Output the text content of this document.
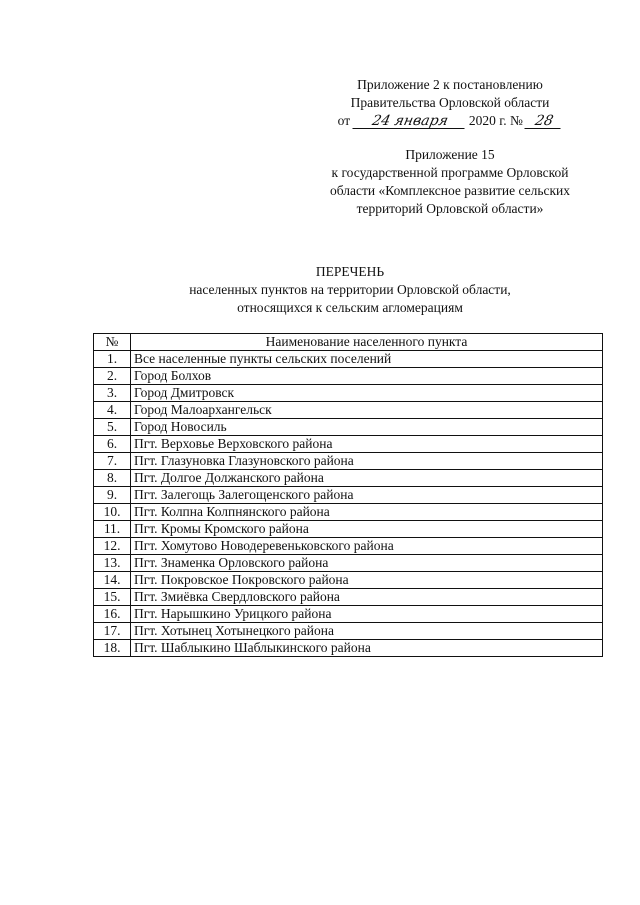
Приложение 2 к постановлению
Правительства Орловской области
от 24 января 2020 г. № 28
Приложение 15
к государственной программе Орловской
области «Комплексное развитие сельских
территорий Орловской области»
ПЕРЕЧЕНЬ
населенных пунктов на территории Орловской области,
относящихся к сельским агломерациям
№	Наименование населенного пункта
1.	Все населенные пункты сельских поселений
2.	Город Болхов
3.	Город Дмитровск
4.	Город Малоархангельск
5.	Город Новосиль
6.	Пгт. Верховье Верховского района
7.	Пгт. Глазуновка Глазуновского района
8.	Пгт. Долгое Должанского района
9.	Пгт. Залегощь Залегощенского района
10.	Пгт. Колпна Колпнянского района
11.	Пгт. Кромы Кромского района
12.	Пгт. Хомутово Новодеревеньковского района
13.	Пгт. Знаменка Орловского района
14.	Пгт. Покровское Покровского района
15.	Пгт. Змиёвка Свердловского района
16.	Пгт. Нарышкино Урицкого района
17.	Пгт. Хотынец Хотынецкого района
18.	Пгт. Шаблыкино Шаблыкинского района
